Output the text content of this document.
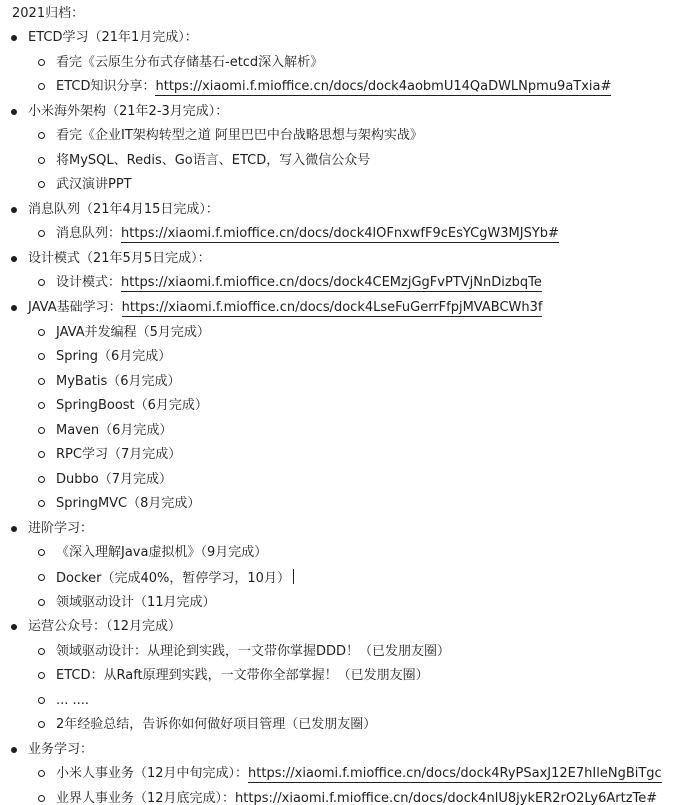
2021归档：
ETCD学习（21年1月完成）：
看完《云原生分布式存储基石-etcd深入解析》
ETCD知识分享：https://xiaomi.f.mioffice.cn/docs/dock4aobmU14QaDWLNpmu9aTxia#
小米海外架构（21年2-3月完成）：
看完《企业IT架构转型之道 阿里巴巴中台战略思想与架构实战》
将MySQL、Redis、Go语言、ETCD，写入微信公众号
武汉演讲PPT
消息队列（21年4月15日完成）：
消息队列：https://xiaomi.f.mioffice.cn/docs/dock4lOFnxwfF9cEsYCgW3MJSYb#
设计模式（21年5月5日完成）：
设计模式：https://xiaomi.f.mioffice.cn/docs/dock4CEMzjGgFvPTVjNnDizbqTe
JAVA基础学习：https://xiaomi.f.mioffice.cn/docs/dock4LseFuGerrFfpjMVABCWh3f
JAVA并发编程（5月完成）
Spring（6月完成）
MyBatis（6月完成）
SpringBoost（6月完成）
Maven（6月完成）
RPC学习（7月完成）
Dubbo（7月完成）
SpringMVC（8月完成）
进阶学习：
《深入理解Java虚拟机》（9月完成）
Docker（完成40%，暂停学习，10月）
领域驱动设计（11月完成）
运营公众号：（12月完成）
领域驱动设计：从理论到实践，一文带你掌握DDD！（已发朋友圈）
ETCD：从Raft原理到实践，一文带你全部掌握！（已发朋友圈）
... ....
2年经验总结，告诉你如何做好项目管理（已发朋友圈）
业务学习：
小米人事业务（12月中旬完成）：https://xiaomi.f.mioffice.cn/docs/dock4RyPSaxJ12E7hIleNgBiTgc
业界人事业务（12月底完成）：https://xiaomi.f.mioffice.cn/docs/dock4nlU8jykER2rO2Ly6ArtzTe#
